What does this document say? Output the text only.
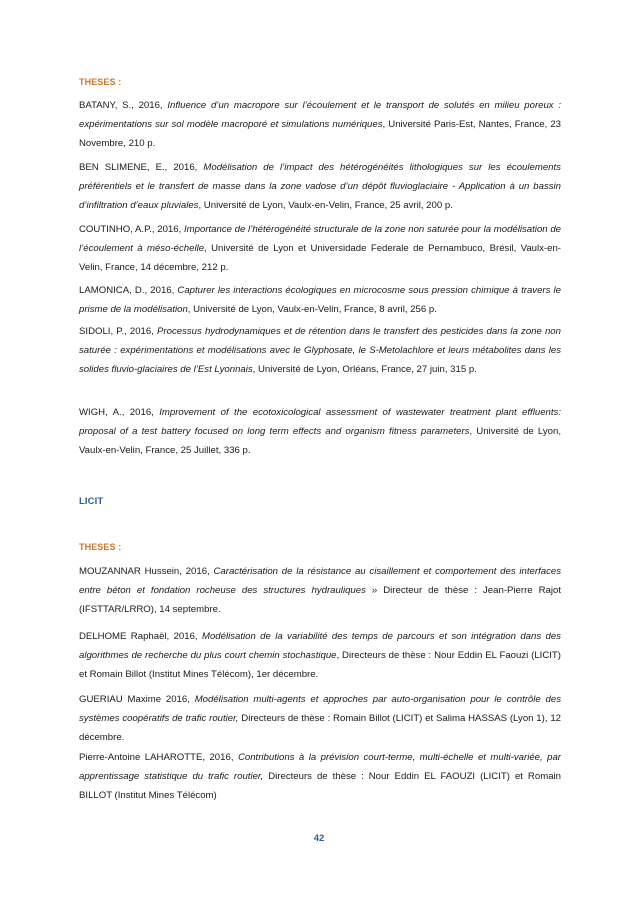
THESES :

BATANY, S., 2016, Influence d’un macropore sur l’écoulement et le transport de solutés en milieu poreux : expérimentations sur sol modèle macroporé et simulations numériques, Université Paris-Est, Nantes, France, 23 Novembre, 210 p.

BEN SLIMENE, E., 2016, Modélisation de l’impact des hétérogénéités lithologiques sur les écoulements préférentiels et le transfert de masse dans la zone vadose d’un dépôt fluvioglaciaire - Application à un bassin d’infiltration d’eaux pluviales, Université de Lyon, Vaulx-en-Velin, France, 25 avril, 200 p.

COUTINHO, A.P., 2016, Importance de l’hétérogénéité structurale de la zone non saturée pour la modélisation de l’écoulement à méso-échelle, Université de Lyon et Universidade Federale de Pernambuco, Brésil, Vaulx-en-Velin, France, 14 décembre, 212 p.

LAMONICA, D., 2016, Capturer les interactions écologiques en microcosme sous pression chimique à travers le prisme de la modélisation, Université de Lyon, Vaulx-en-Velin, France, 8 avril, 256 p.

SIDOLI, P., 2016, Processus hydrodynamiques et de rétention dans le transfert des pesticides dans la zone non saturée : expérimentations et modélisations avec le Glyphosate, le S-Metolachlore et leurs métabolites dans les solides fluvio-glaciaires de l’Est Lyonnais, Université de Lyon, Orléans, France, 27 juin, 315 p.

WIGH, A., 2016, Improvement of the ecotoxicological assessment of wastewater treatment plant effluents: proposal of a test battery focused on long term effects and organism fitness parameters, Université de Lyon, Vaulx-en-Velin, France, 25 Juillet, 336 p.

LICIT
THESES :

MOUZANNAR Hussein, 2016, Caractérisation de la résistance au cisaillement et comportement des interfaces entre béton et fondation rocheuse des structures hydrauliques » Directeur de thèse : Jean-Pierre Rajot (IFSTTAR/LRRO), 14 septembre.

DELHOME Raphaël, 2016, Modélisation de la variabilité des temps de parcours et son intégration dans des algorithmes de recherche du plus court chemin stochastique, Directeurs de thèse : Nour Eddin EL Faouzi (LICIT) et Romain Billot (Institut Mines Télécom), 1er décembre.

GUERIAU Maxime 2016, Modélisation multi-agents et approches par auto-organisation pour le contrôle des systèmes coopératifs de trafic routier, Directeurs de thèse : Romain Billot (LICIT) et Salima HASSAS (Lyon 1), 12 décembre.

Pierre-Antoine LAHAROTTE, 2016, Contributions à la prévision court-terme, multi-échelle et multi-variée, par apprentissage statistique du trafic routier, Directeurs de thèse : Nour Eddin EL FAOUZI (LICIT) et Romain BILLOT (Institut Mines Télécom)

42
